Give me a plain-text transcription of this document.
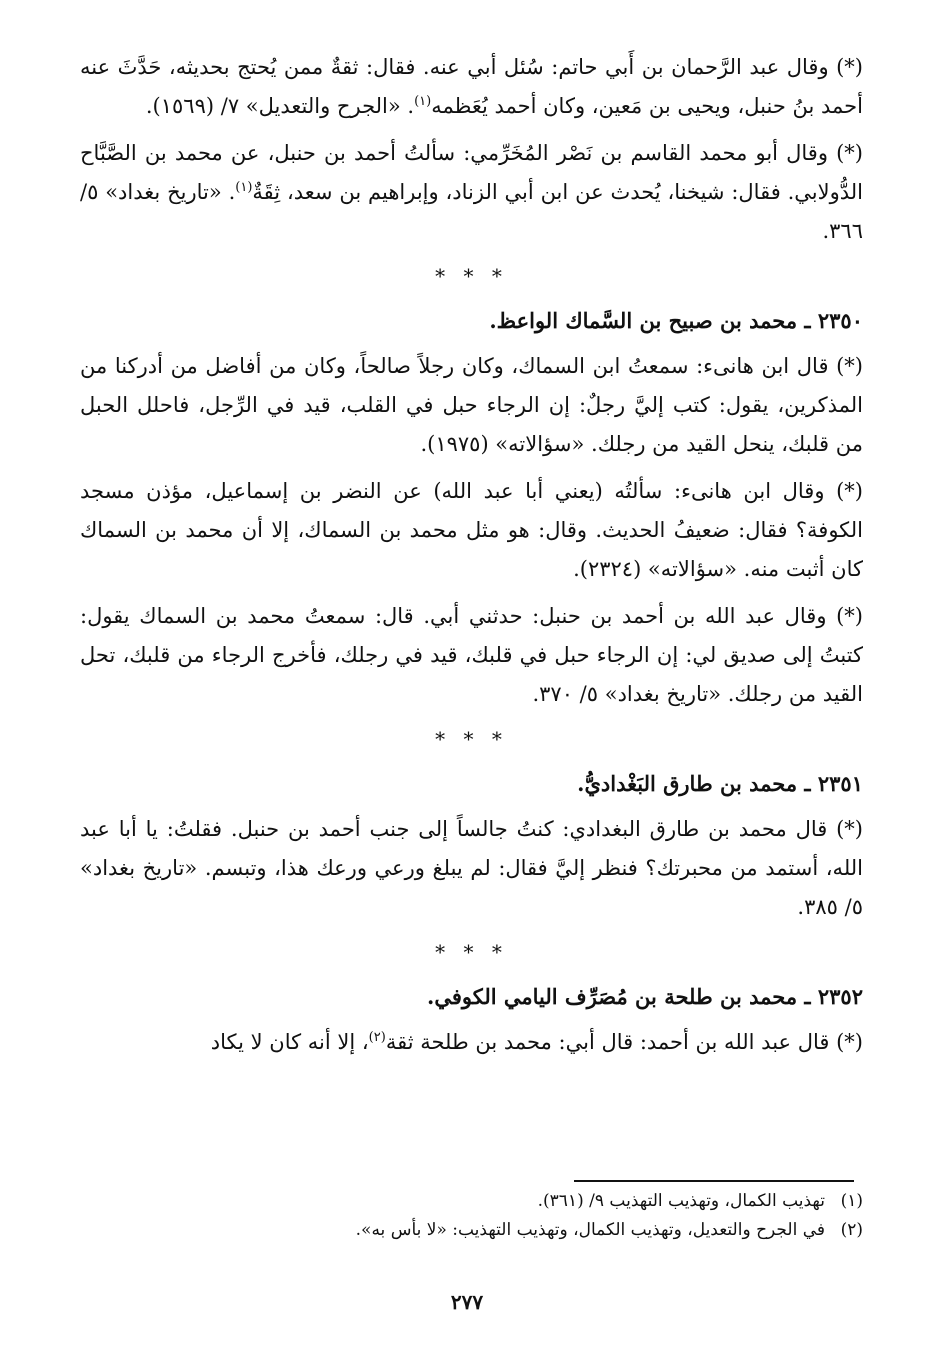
(*) وقال عبد الرَّحمان بن أَبي حاتم: سُئل أبي عنه. فقال: ثقةٌ ممن يُحتج بحديثه، حَدَّثَ عنه أحمد بنُ حنبل، ويحيى بن مَعين، وكان أحمد يُعَظمه$^{(١)}$. «الجرح والتعديل» ٧/ (١٥٦٩).

(*) وقال أبو محمد القاسم بن نَصْر المُخَرِّمي: سألتُ أحمد بن حنبل، عن محمد بن الصَّبَّاح الدُّولابي. فقال: شيخنا، يُحدث عن ابن أبي الزناد، وإبراهيم بن سعد، ثِقَةٌ$^{(١)}$. «تاريخ بغداد» ٥/ ٣٦٦.

* * *
٢٣٥٠ ـ محمد بن صبيح بن السَّماك الواعظ.

(*) قال ابن هانىء: سمعتُ ابن السماك، وكان رجلاً صالحاً، وكان من أفاضل من أدركنا من المذكرين، يقول: كتب إليَّ رجلٌ: إن الرجاء حبل في القلب، قيد في الرِّجل، فاحلل الحبل من قلبك، ينحل القيد من رجلك. «سؤالاته» (١٩٧٥).

(*) وقال ابن هانىء: سألتُه (يعني أبا عبد الله) عن النضر بن إسماعيل، مؤذن مسجد الكوفة؟ فقال: ضعيفُ الحديث. وقال: هو مثل محمد بن السماك، إلا أن محمد بن السماك كان أثبت منه. «سؤالاته» (٢٣٢٤).

(*) وقال عبد الله بن أحمد بن حنبل: حدثني أبي. قال: سمعتُ محمد بن السماك يقول: كتبتُ إلى صديق لي: إن الرجاء حبل في قلبك، قيد في رجلك، فأخرج الرجاء من قلبك، تحل القيد من رجلك. «تاريخ بغداد» ٥/ ٣٧٠.

* * *
٢٣٥١ ـ محمد بن طارق البَغْداديُّ.

(*) قال محمد بن طارق البغدادي: كنتُ جالساً إلى جنب أحمد بن حنبل. فقلتُ: يا أبا عبد الله، أستمد من محبرتك؟ فنظر إليَّ فقال: لم يبلغ ورعي ورعك هذا، وتبسم. «تاريخ بغداد» ٥/ ٣٨٥.

* * *
٢٣٥٢ ـ محمد بن طلحة بن مُصَرِّف اليامي الكوفي.

(*) قال عبد الله بن أحمد: قال أبي: محمد بن طلحة ثقة$^{(٢)}$، إلا أنه كان لا يكاد

(١)تهذيب الكمال، وتهذيب التهذيب ٩/ (٣٦١).

(٢)في الجرح والتعديل، وتهذيب الكمال، وتهذيب التهذيب: «لا بأس به».

٢٧٧
